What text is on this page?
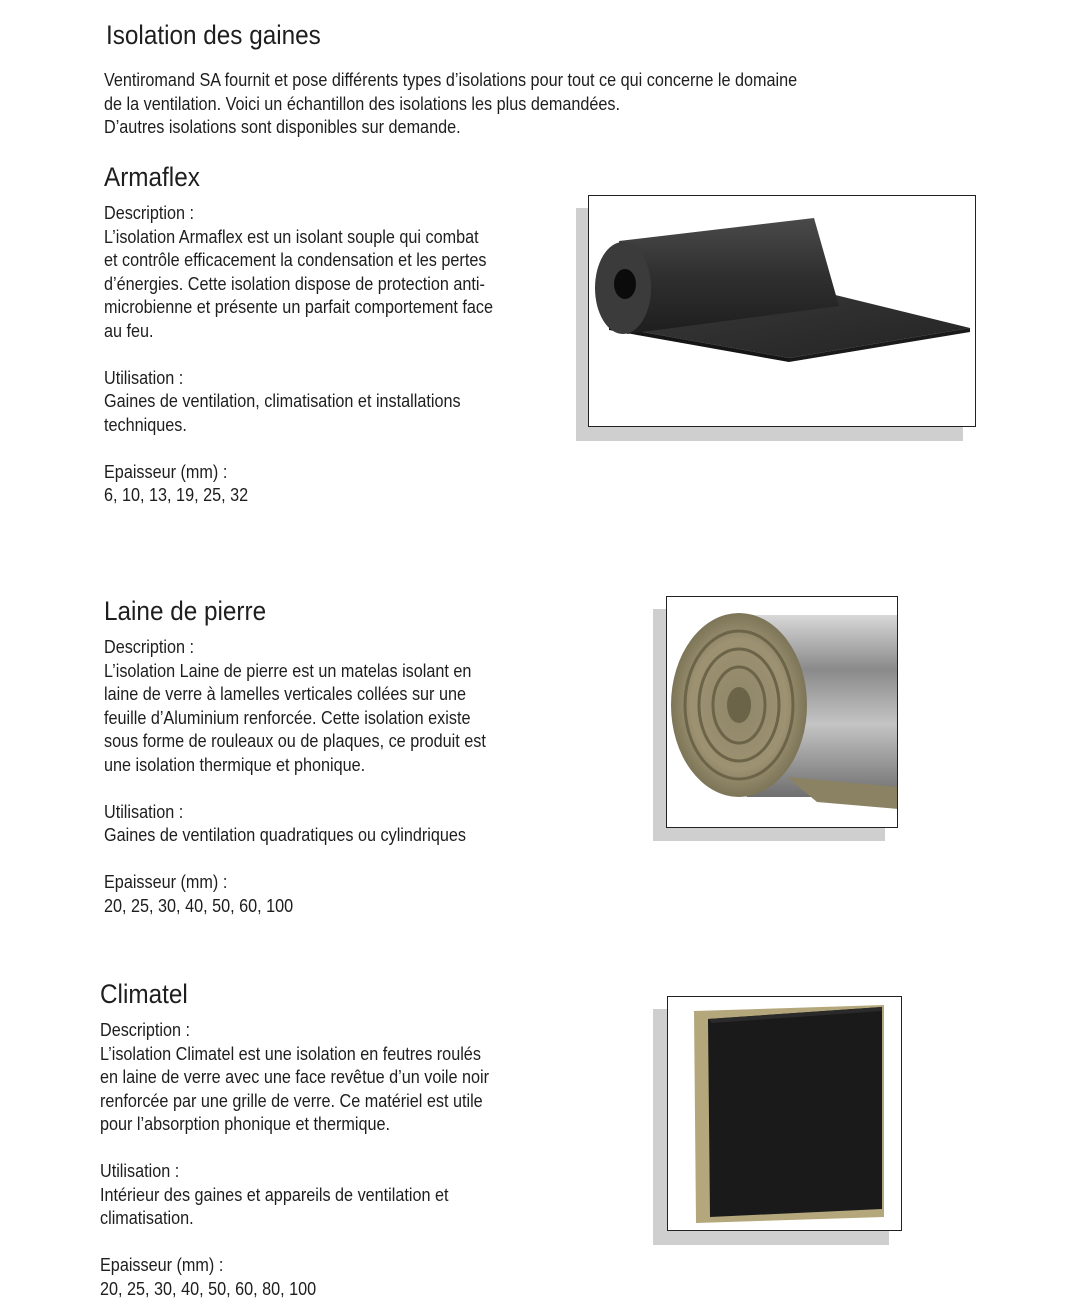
Isolation des gaines
Ventiromand SA fournit et pose différents types d’isolations pour tout ce qui concerne le domaine
de la ventilation. Voici un échantillon des isolations les plus demandées.
D’autres isolations sont disponibles sur demande.
Armaflex
Description :
L’isolation Armaflex est un isolant souple qui combat
et contrôle efficacement la condensation et les pertes
d’énergies. Cette isolation dispose de protection anti-
microbienne et présente un parfait comportement face
au feu.
Utilisation :
Gaines de ventilation, climatisation et installations
techniques.
Epaisseur (mm) :
6, 10, 13, 19, 25, 32
Laine de pierre
Description :
L’isolation Laine de pierre est un matelas isolant en
laine de verre à lamelles verticales collées sur une
feuille d’Aluminium renforcée. Cette isolation existe
sous forme de rouleaux ou de plaques, ce produit est
une isolation thermique et phonique.
Utilisation :
Gaines de ventilation quadratiques ou cylindriques
Epaisseur (mm) :
20, 25, 30, 40, 50, 60, 100
Climatel
Description :
L’isolation Climatel est une isolation en feutres roulés
en laine de verre avec une face revêtue d’un voile noir
renforcée par une grille de verre. Ce matériel est utile
pour l’absorption phonique et thermique.
Utilisation :
Intérieur des gaines et appareils de ventilation et
climatisation.
Epaisseur (mm) :
20, 25, 30, 40, 50, 60, 80, 100
